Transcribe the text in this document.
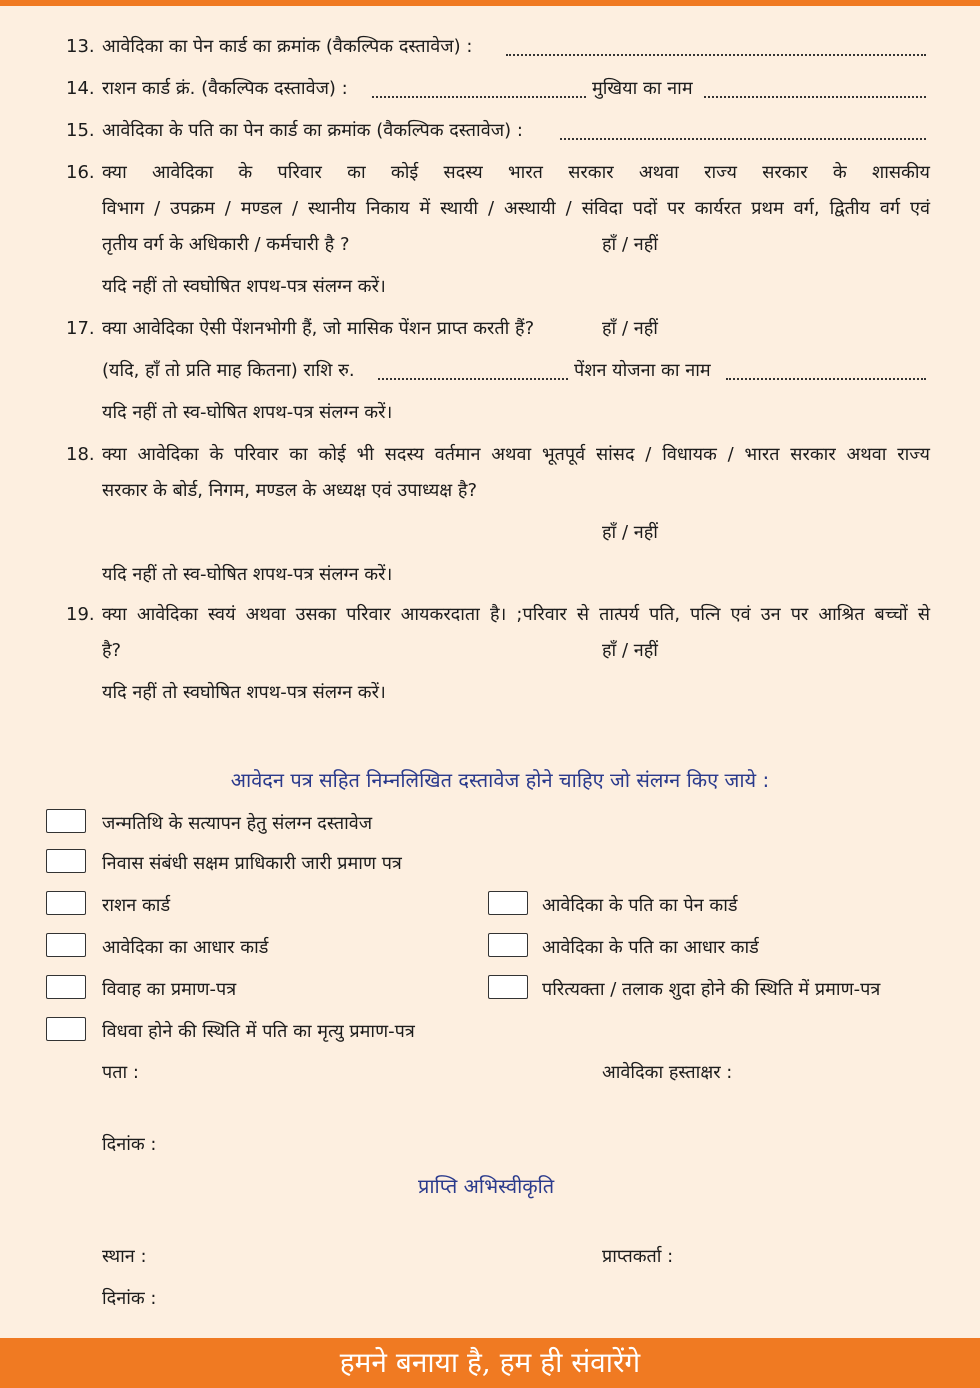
13. आवेदिका का पेन कार्ड का क्रमांक (वैकल्पिक दस्तावेज) :
14. राशन कार्ड क्रं. (वैकल्पिक दस्तावेज) :	मुखिया का नाम
15. आवेदिका के पति का पेन कार्ड का क्रमांक (वैकल्पिक दस्तावेज) :
16. क्या आवेदिका के परिवार का कोई सदस्य भारत सरकार अथवा राज्य सरकार के शासकीय
विभाग / उपक्रम / मण्डल / स्थानीय निकाय में स्थायी / अस्थायी / संविदा पदों पर कार्यरत प्रथम वर्ग, द्वितीय वर्ग एवं
तृतीय वर्ग के अधिकारी / कर्मचारी है ?	हाँ / नहीं
यदि नहीं तो स्वघोषित शपथ-पत्र संलग्न करें।
17. क्या आवेदिका ऐसी पेंशनभोगी हैं, जो मासिक पेंशन प्राप्त करती हैं?	हाँ / नहीं
(यदि, हाँ तो प्रति माह कितना) राशि रु.	पेंशन योजना का नाम
यदि नहीं तो स्व-घोषित शपथ-पत्र संलग्न करें।
18. क्या आवेदिका के परिवार का कोई भी सदस्य वर्तमान अथवा भूतपूर्व सांसद / विधायक / भारत सरकार अथवा राज्य
सरकार के बोर्ड, निगम, मण्डल के अध्यक्ष एवं उपाध्यक्ष है?
हाँ / नहीं
यदि नहीं तो स्व-घोषित शपथ-पत्र संलग्न करें।
19. क्या आवेदिका स्वयं अथवा उसका परिवार आयकरदाता है। ;परिवार से तात्पर्य पति, पत्नि एवं उन पर आश्रित बच्चों से
है?	हाँ / नहीं
यदि नहीं तो स्वघोषित शपथ-पत्र संलग्न करें।
आवेदन पत्र सहित निम्नलिखित दस्तावेज होने चाहिए जो संलग्न किए जाये :
जन्मतिथि के सत्यापन हेतु संलग्न दस्तावेज
निवास संबंधी सक्षम प्राधिकारी जारी प्रमाण पत्र
राशन कार्ड	आवेदिका के पति का पेन कार्ड
आवेदिका का आधार कार्ड	आवेदिका के पति का आधार कार्ड
विवाह का प्रमाण-पत्र	परित्यक्ता / तलाक शुदा होने की स्थिति में प्रमाण-पत्र
विधवा होने की स्थिति में पति का मृत्यु प्रमाण-पत्र
पता :	आवेदिका हस्ताक्षर :
दिनांक :
प्राप्ति अभिस्वीकृति
स्थान :	प्राप्तकर्ता :
दिनांक :
हमने बनाया है, हम ही संवारेंगे
